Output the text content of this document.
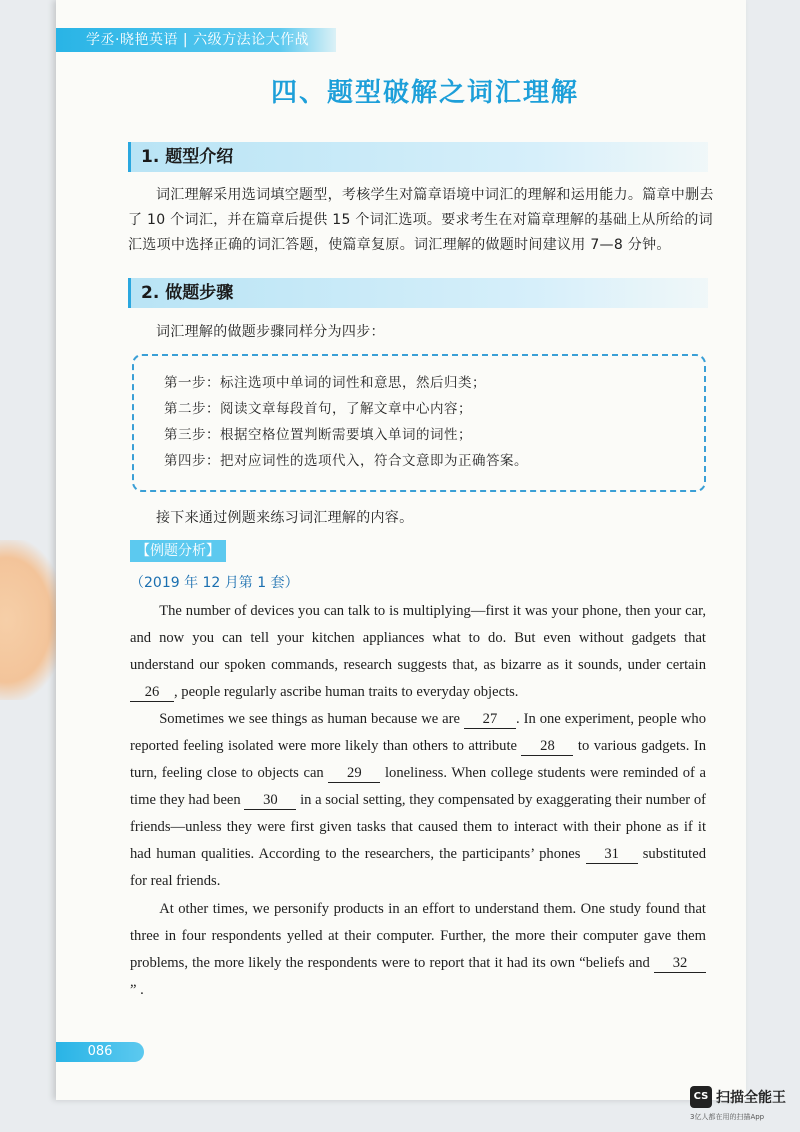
学丞·晓艳英语 | 六级方法论大作战
四、题型破解之词汇理解
1. 题型介绍
词汇理解采用选词填空题型，考核学生对篇章语境中词汇的理解和运用能力。篇章中删去了 10 个词汇，并在篇章后提供 15 个词汇选项。要求考生在对篇章理解的基础上从所给的词汇选项中选择正确的词汇答题，使篇章复原。词汇理解的做题时间建议用 7—8 分钟。
2. 做题步骤
词汇理解的做题步骤同样分为四步：
第一步：标注选项中单词的词性和意思，然后归类；
第二步：阅读文章每段首句，了解文章中心内容；
第三步：根据空格位置判断需要填入单词的词性；
第四步：把对应词性的选项代入，符合文意即为正确答案。
接下来通过例题来练习词汇理解的内容。
【例题分析】
（2019 年 12 月第 1 套）
The number of devices you can talk to is multiplying—first it was your phone, then your car, and now you can tell your kitchen appliances what to do. But even without gadgets that understand our spoken commands, research suggests that, as bizarre as it sounds, under certain 26 , people regularly ascribe human traits to everyday objects.
Sometimes we see things as human because we are 27 . In one experiment, people who reported feeling isolated were more likely than others to attribute 28 to various gadgets. In turn, feeling close to objects can 29 loneliness. When college students were reminded of a time they had been 30 in a social setting, they compensated by exaggerating their number of friends—unless they were first given tasks that caused them to interact with their phone as if it had human qualities. According to the researchers, the participants’ phones 31 substituted for real friends.
At other times, we personify products in an effort to understand them. One study found that three in four respondents yelled at their computer. Further, the more their computer gave them problems, the more likely the respondents were to report that it had its own “beliefs and 32 ” .
086
CS 扫描全能王
3亿人都在用的扫描App
